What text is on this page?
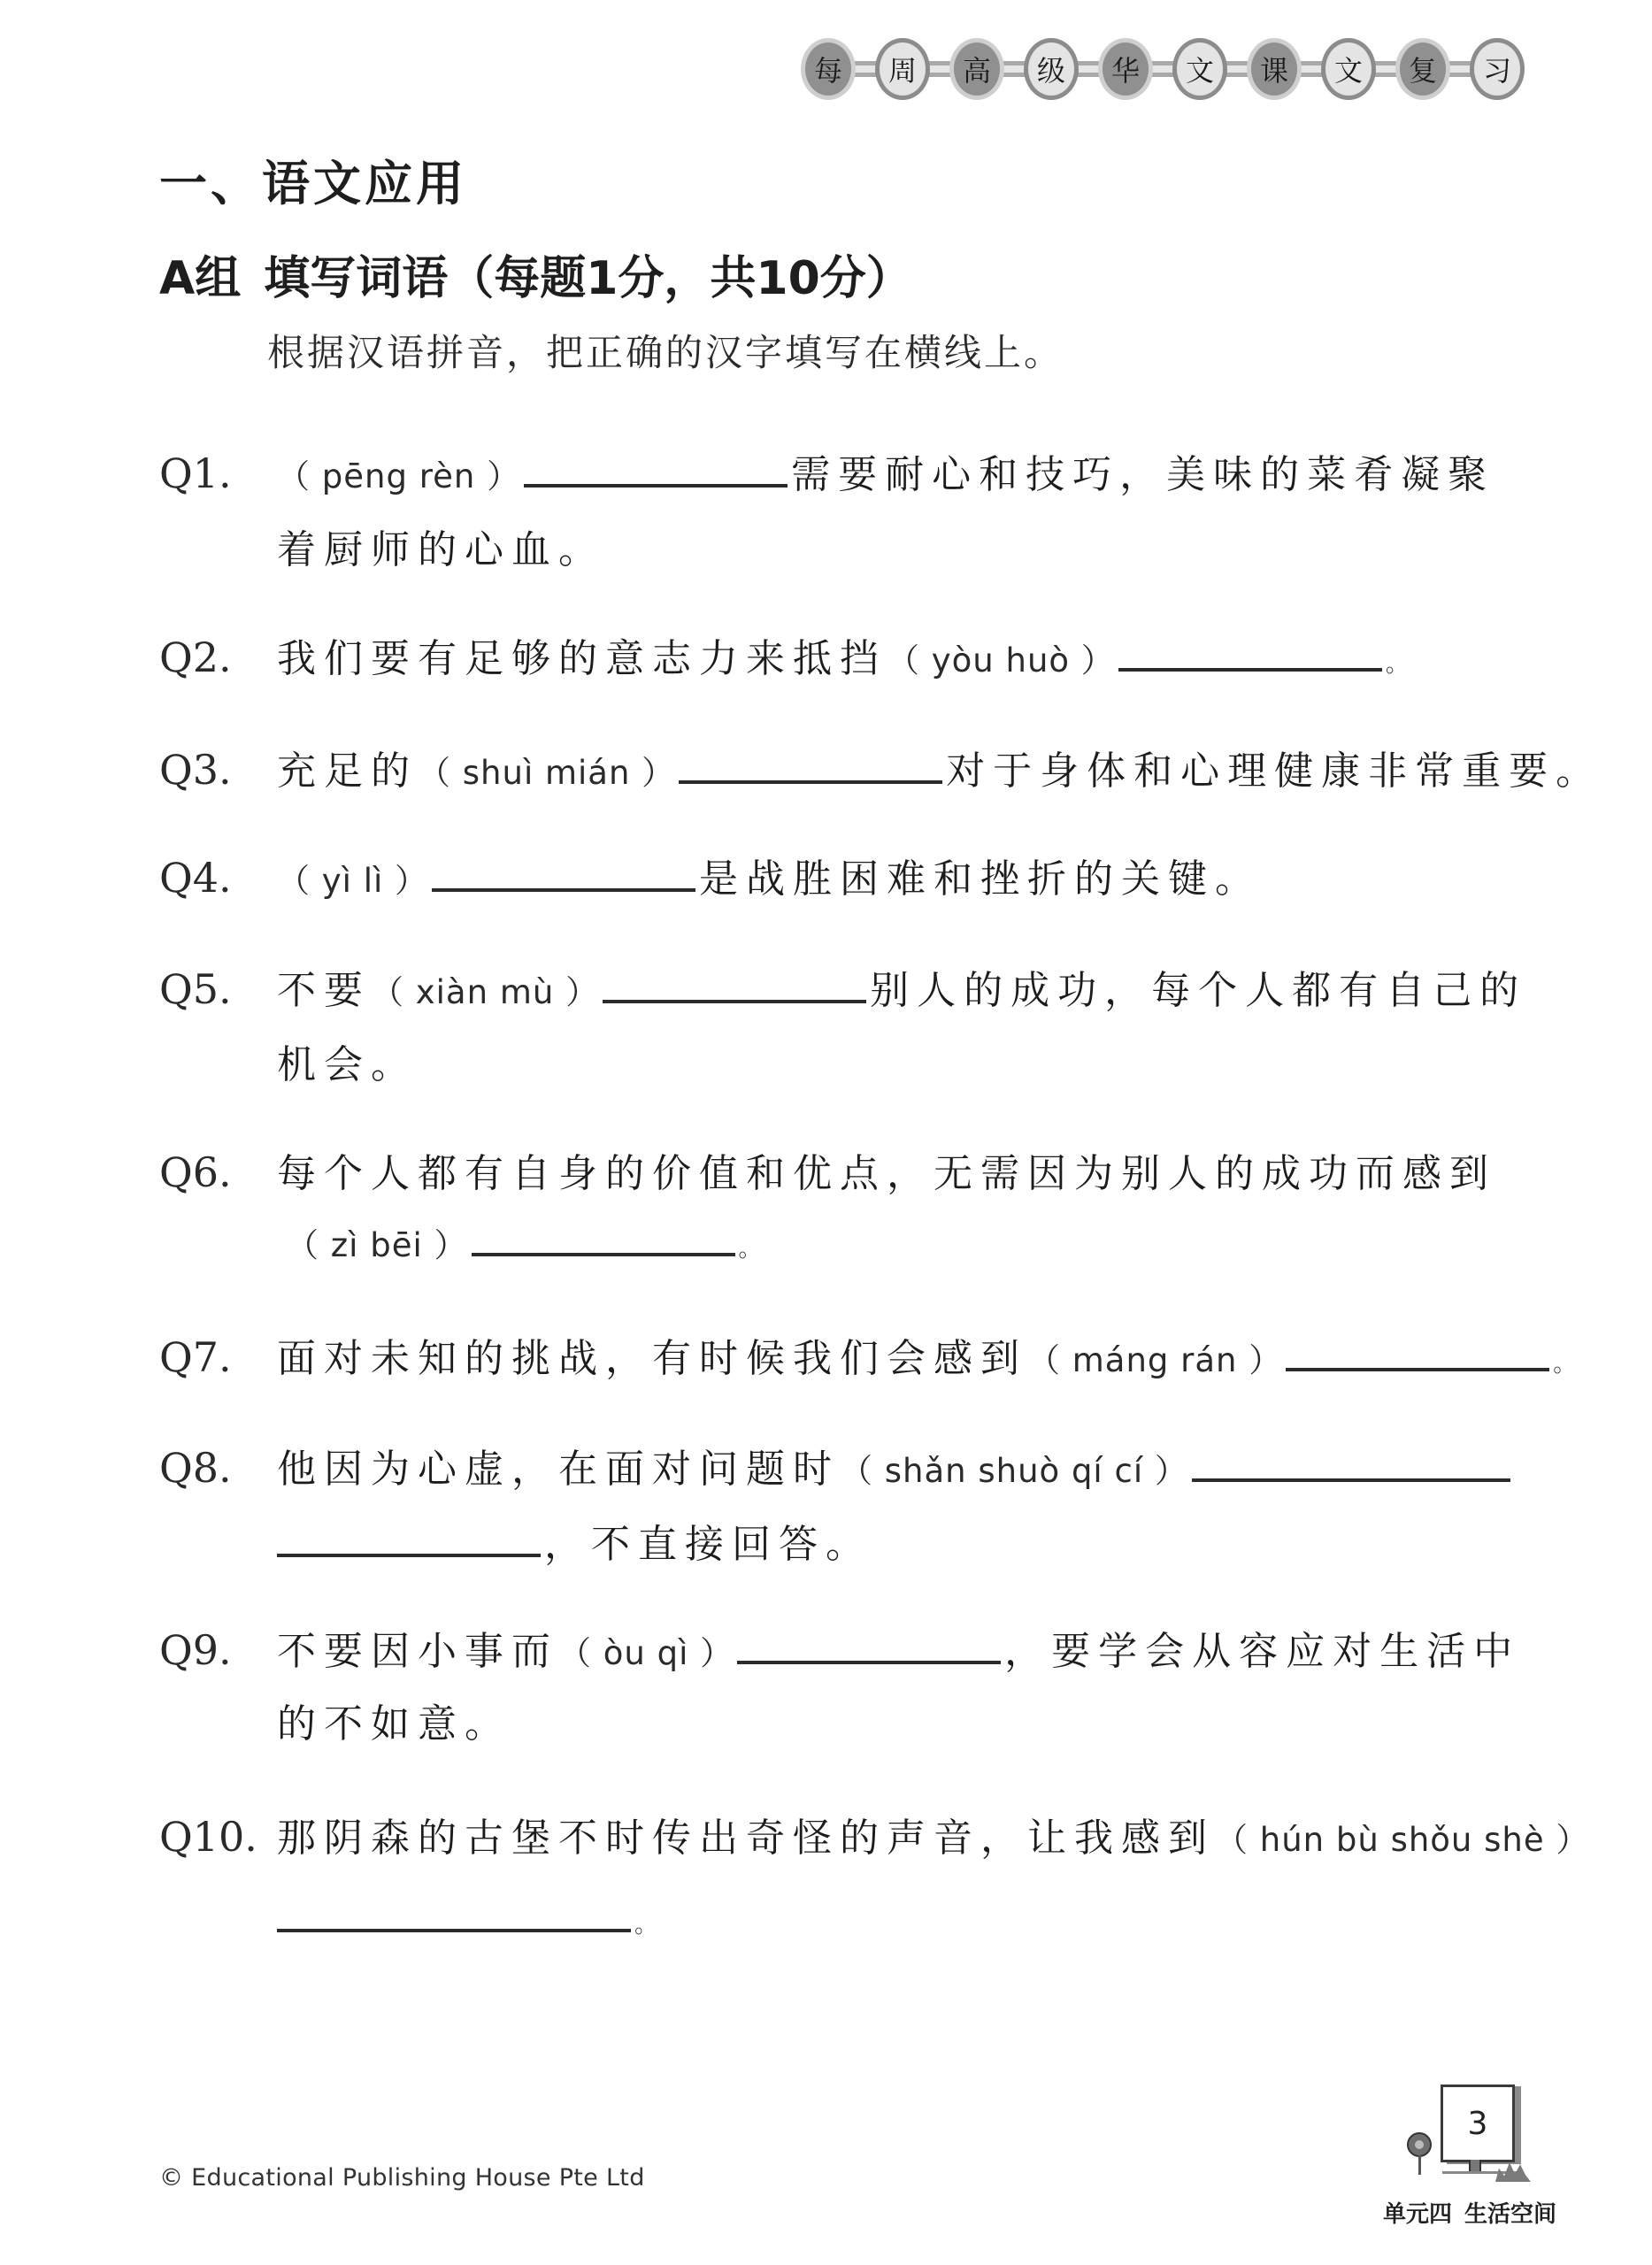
每	周	高	级	华	文	课	文	复	习
一、语文应用
A组 填写词语（每题1分，共10分）
根据汉语拼音，把正确的汉字填写在横线上。
Q1. （ pēng rèn ）	需要耐心和技巧，美味的菜肴凝聚
着厨师的心血。
Q2. 我们要有足够的意志力来抵挡（ yòu huò ）	。
Q3. 充足的（ shuì mián ）	对于身体和心理健康非常重要。
Q4. （ yì lì ）	是战胜困难和挫折的关键。
Q5. 不要（ xiàn mù ）	别人的成功，每个人都有自己的
机会。
Q6. 每个人都有自身的价值和优点，无需因为别人的成功而感到
（ zì bēi ）	。
Q7. 面对未知的挑战，有时候我们会感到（ máng rán ）	。
Q8. 他因为心虚，在面对问题时（ shǎn shuò qí cí ）
，不直接回答。
Q9. 不要因小事而（ òu qì ）	，要学会从容应对生活中
的不如意。
Q10. 那阴森的古堡不时传出奇怪的声音，让我感到（ hún bù shǒu shè ）
。
© Educational Publishing House Pte Ltd
3
单元四 生活空间
